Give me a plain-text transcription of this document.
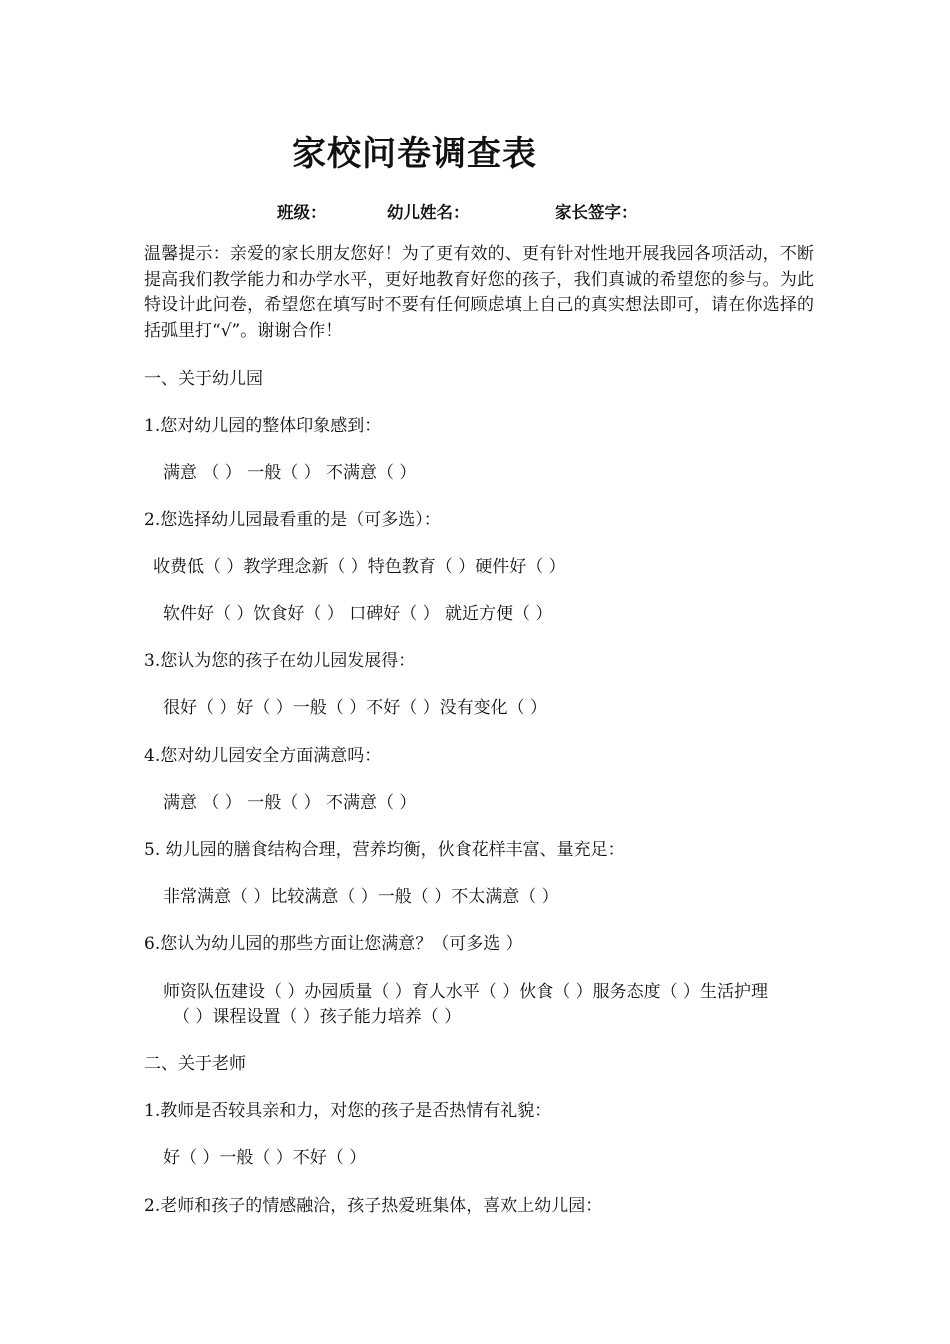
家校问卷调查表
班级：	幼儿姓名：	家长签字：
温馨提示：亲爱的家长朋友您好！为了更有效的、更有针对性地开展我园各项活动，不断提高我们教学能力和办学水平，更好地教育好您的孩子，我们真诚的希望您的参与。为此特设计此问卷，希望您在填写时不要有任何顾虑填上自己的真实想法即可，请在你选择的括弧里打“√”。谢谢合作！
一、关于幼儿园
1.您对幼儿园的整体印象感到：
满意 （ ） 一般（ ） 不满意（ ）
2.您选择幼儿园最看重的是（可多选）：
收费低（ ）教学理念新（ ）特色教育（ ）硬件好（ ）
软件好（ ）饮食好（ ） 口碑好（ ） 就近方便（ ）
3.您认为您的孩子在幼儿园发展得：
很好（ ）好（ ）一般（ ）不好（ ）没有变化（ ）
4.您对幼儿园安全方面满意吗：
满意 （ ） 一般（ ） 不满意（ ）
5. 幼儿园的膳食结构合理，营养均衡，伙食花样丰富、量充足：
非常满意（ ）比较满意（ ）一般（ ）不太满意（ ）
6.您认为幼儿园的那些方面让您满意？（可多选 ）
师资队伍建设（ ）办园质量（ ）育人水平（ ）伙食（ ）服务态度（ ）生活护理
（ ）课程设置（ ）孩子能力培养（ ）
二、关于老师
1.教师是否较具亲和力，对您的孩子是否热情有礼貌：
好（ ）一般（ ）不好（ ）
2.老师和孩子的情感融洽，孩子热爱班集体，喜欢上幼儿园：
